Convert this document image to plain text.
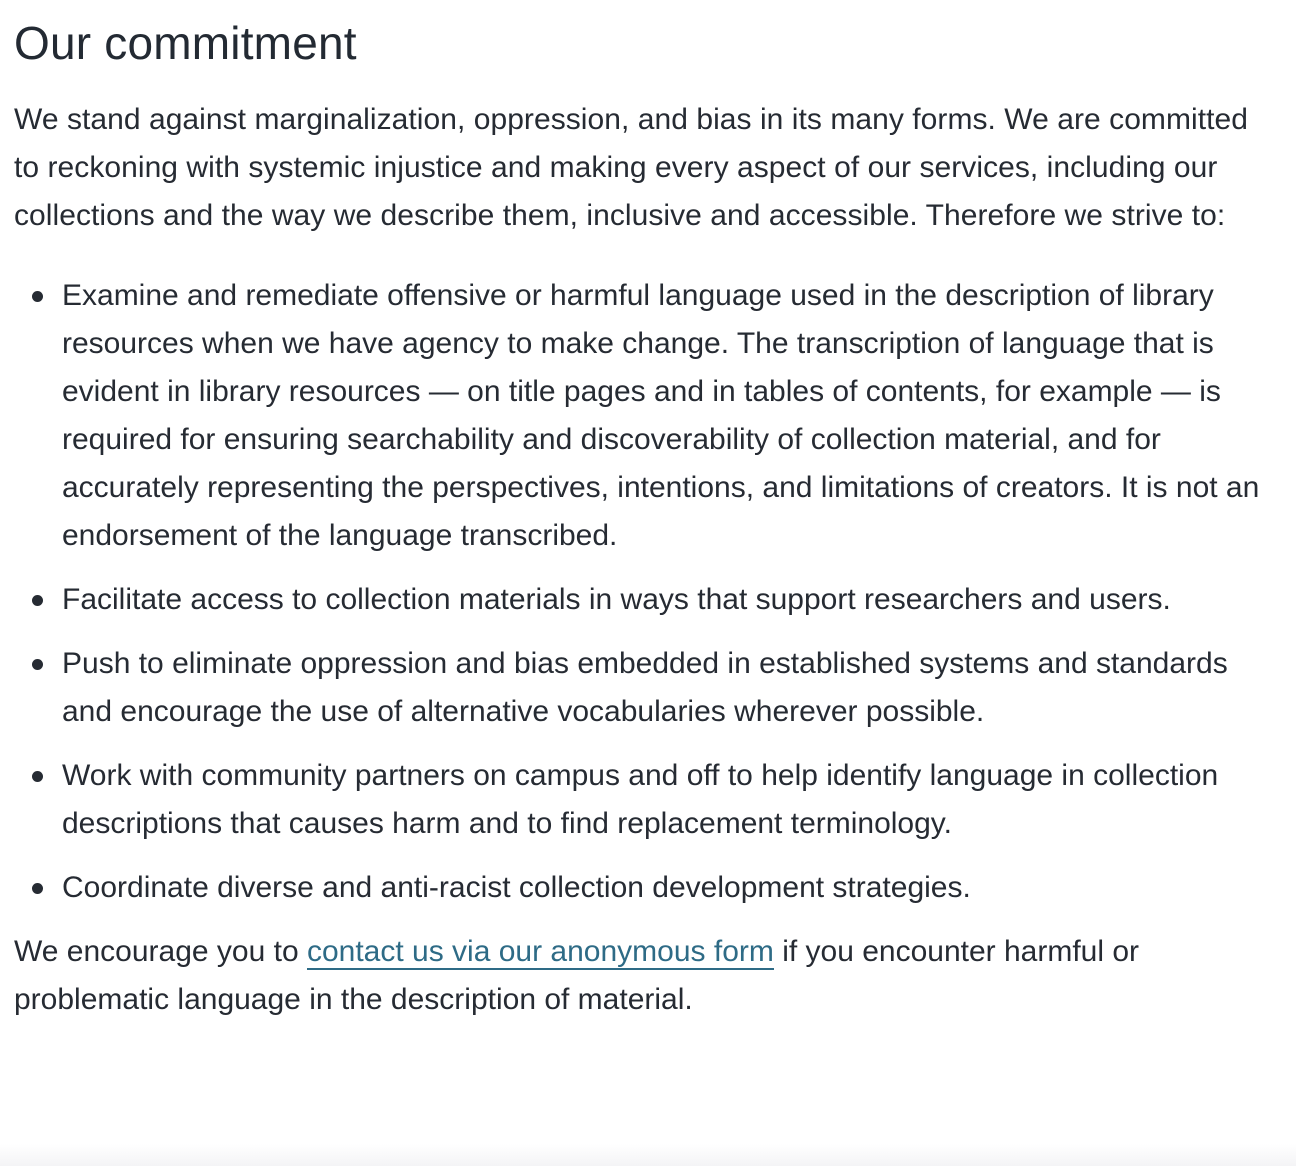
Our commitment

We stand against marginalization, oppression, and bias in its many forms. We are committed to reckoning with systemic injustice and making every aspect of our services, including our collections and the way we describe them, inclusive and accessible. Therefore we strive to:

Examine and remediate offensive or harmful language used in the description of library resources when we have agency to make change. The transcription of language that is evident in library resources — on title pages and in tables of contents, for example — is required for ensuring searchability and discoverability of collection material, and for accurately representing the perspectives, intentions, and limitations of creators. It is not an endorsement of the language transcribed.
Facilitate access to collection materials in ways that support researchers and users.
Push to eliminate oppression and bias embedded in established systems and standards and encourage the use of alternative vocabularies wherever possible.
Work with community partners on campus and off to help identify language in collection descriptions that causes harm and to find replacement terminology.
Coordinate diverse and anti-racist collection development strategies.

We encourage you to contact us via our anonymous form if you encounter harmful or problematic language in the description of material.
